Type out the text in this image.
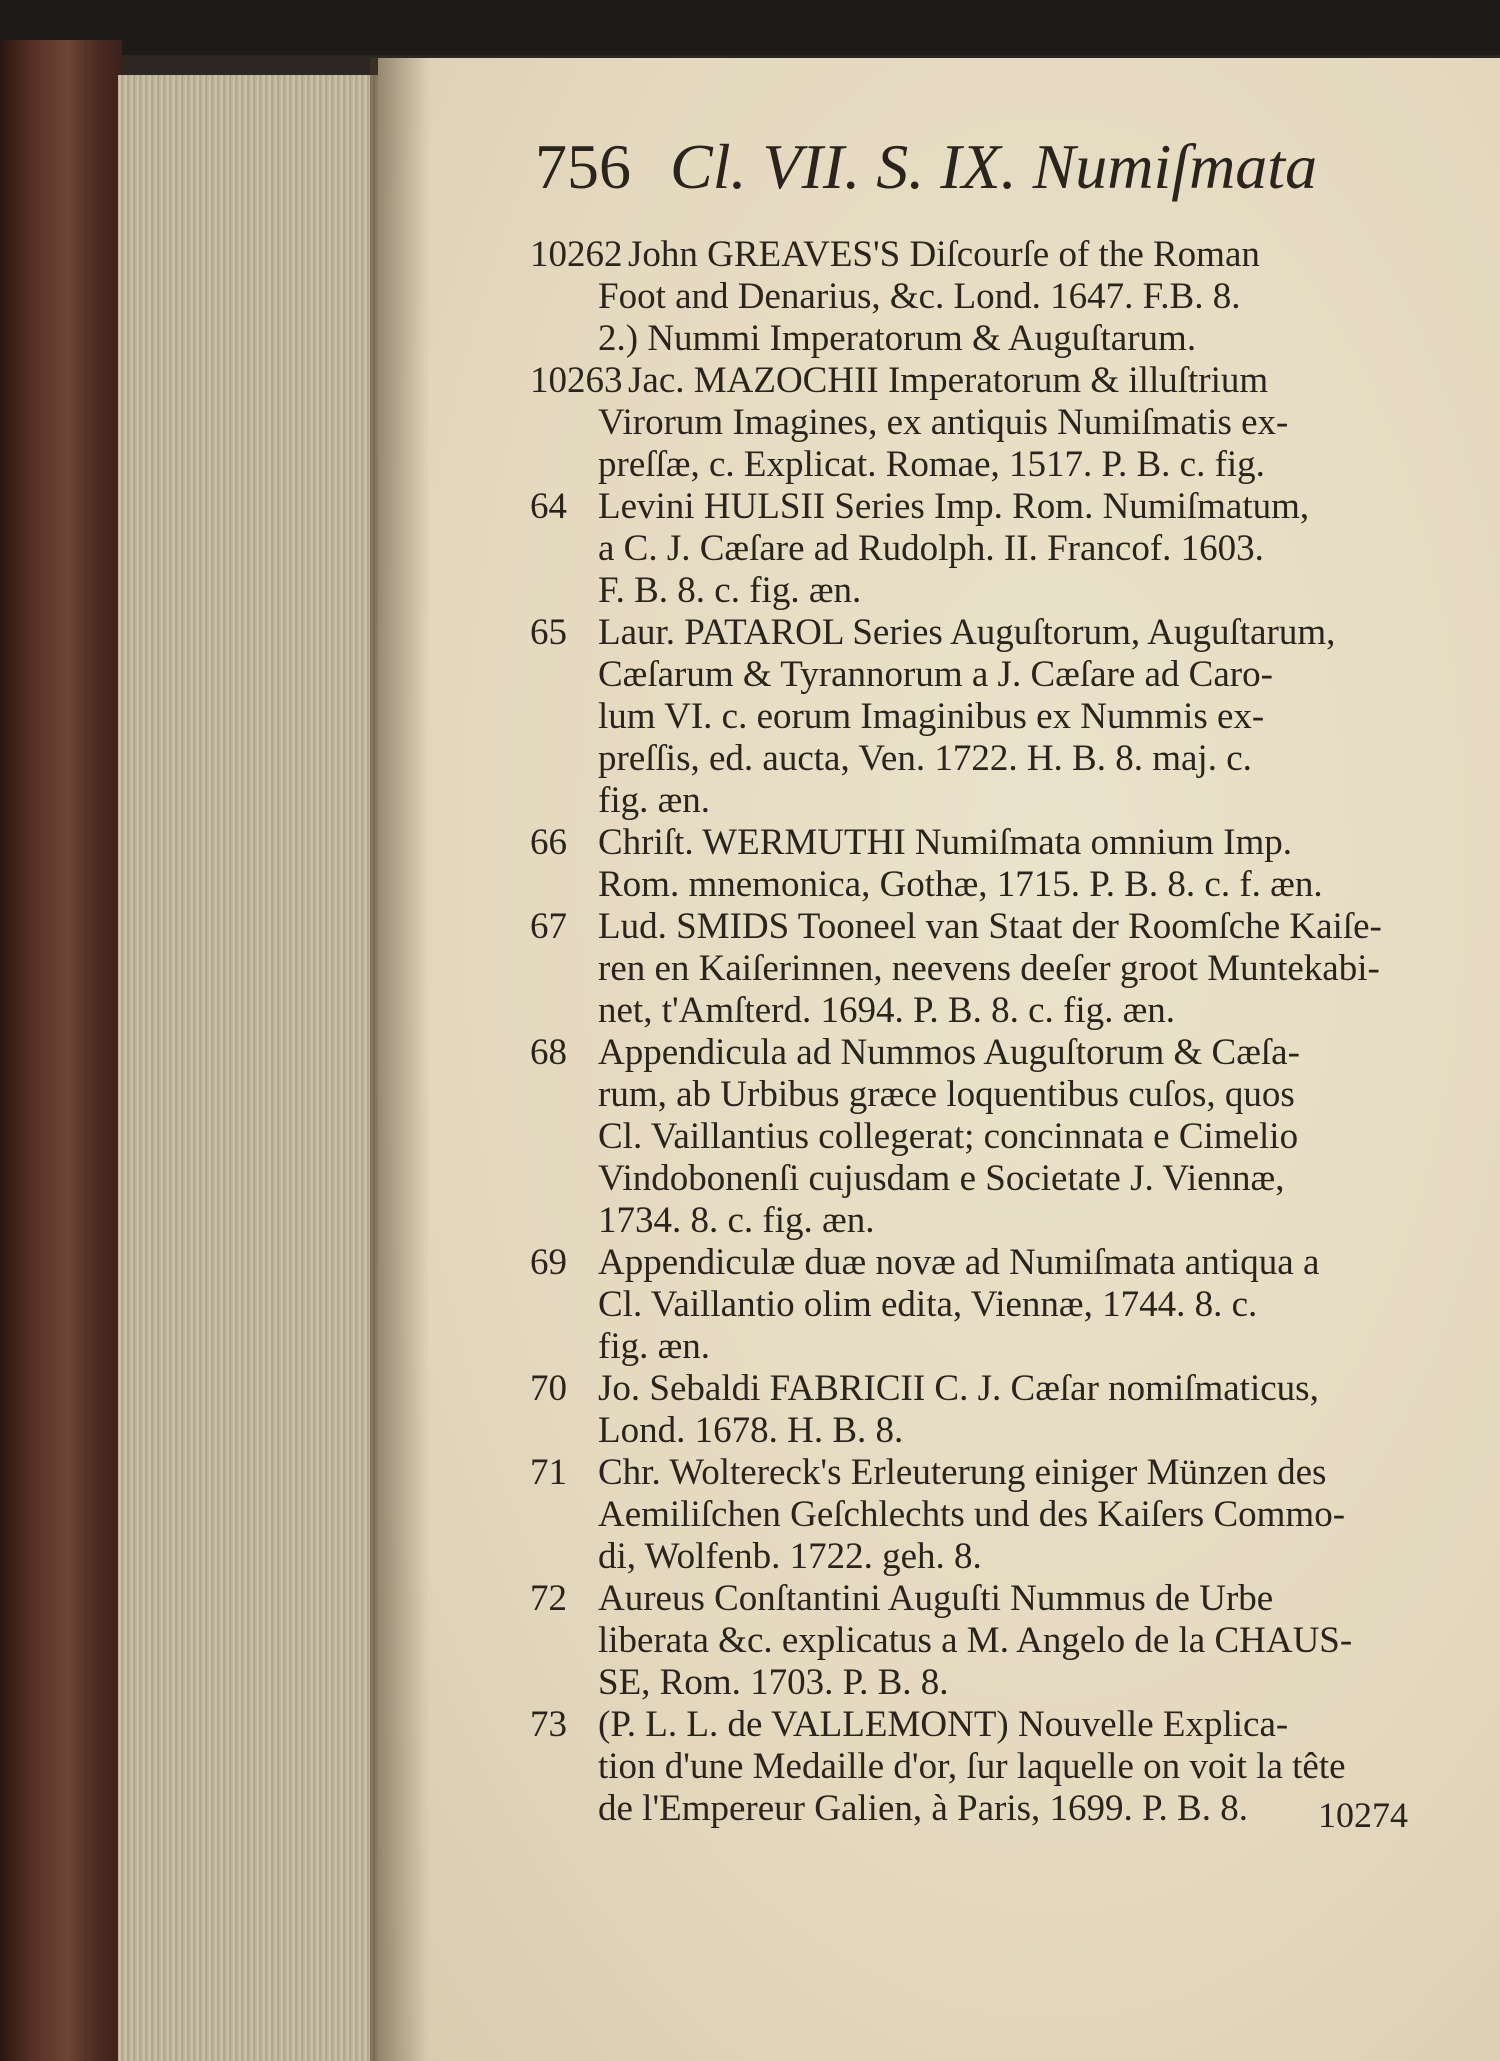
756 Cl. VII. S. IX. Numiſmata
10262 John GREAVES'S Diſcourſe of the Roman
Foot and Denarius, &c. Lond. 1647. F.B. 8.
2.) Nummi Imperatorum & Auguſtarum.
10263 Jac. MAZOCHII Imperatorum & illuſtrium
Virorum Imagines, ex antiquis Numiſmatis ex-
preſſæ, c. Explicat. Romae, 1517. P. B. c. fig.
64 Levini HULSII Series Imp. Rom. Numiſmatum,
a C. J. Cæſare ad Rudolph. II. Francof. 1603.
F. B. 8. c. fig. æn.
65 Laur. PATAROL Series Auguſtorum, Auguſtarum,
Cæſarum & Tyrannorum a J. Cæſare ad Caro-
lum VI. c. eorum Imaginibus ex Nummis ex-
preſſis, ed. aucta, Ven. 1722. H. B. 8. maj. c.
fig. æn.
66 Chriſt. WERMUTHI Numiſmata omnium Imp.
Rom. mnemonica, Gothæ, 1715. P. B. 8. c. f. æn.
67 Lud. SMIDS Tooneel van Staat der Roomſche Kaiſe-
ren en Kaiſerinnen, neevens deeſer groot Muntekabi-
net, t'Amſterd. 1694. P. B. 8. c. fig. æn.
68 Appendicula ad Nummos Auguſtorum & Cæſa-
rum, ab Urbibus græce loquentibus cuſos, quos
Cl. Vaillantius collegerat; concinnata e Cimelio
Vindobonenſi cujusdam e Societate J. Viennæ,
1734. 8. c. fig. æn.
69 Appendiculæ duæ novæ ad Numiſmata antiqua a
Cl. Vaillantio olim edita, Viennæ, 1744. 8. c.
fig. æn.
70 Jo. Sebaldi FABRICII C. J. Cæſar nomiſmaticus,
Lond. 1678. H. B. 8.
71 Chr. Woltereck's Erleuterung einiger Münzen des
Aemiliſchen Geſchlechts und des Kaiſers Commo-
di, Wolfenb. 1722. geh. 8.
72 Aureus Conſtantini Auguſti Nummus de Urbe
liberata &c. explicatus a M. Angelo de la CHAUS-
SE, Rom. 1703. P. B. 8.
73 (P. L. L. de VALLEMONT) Nouvelle Explica-
tion d'une Medaille d'or, ſur laquelle on voit la tête
de l'Empereur Galien, à Paris, 1699. P. B. 8. 10274
